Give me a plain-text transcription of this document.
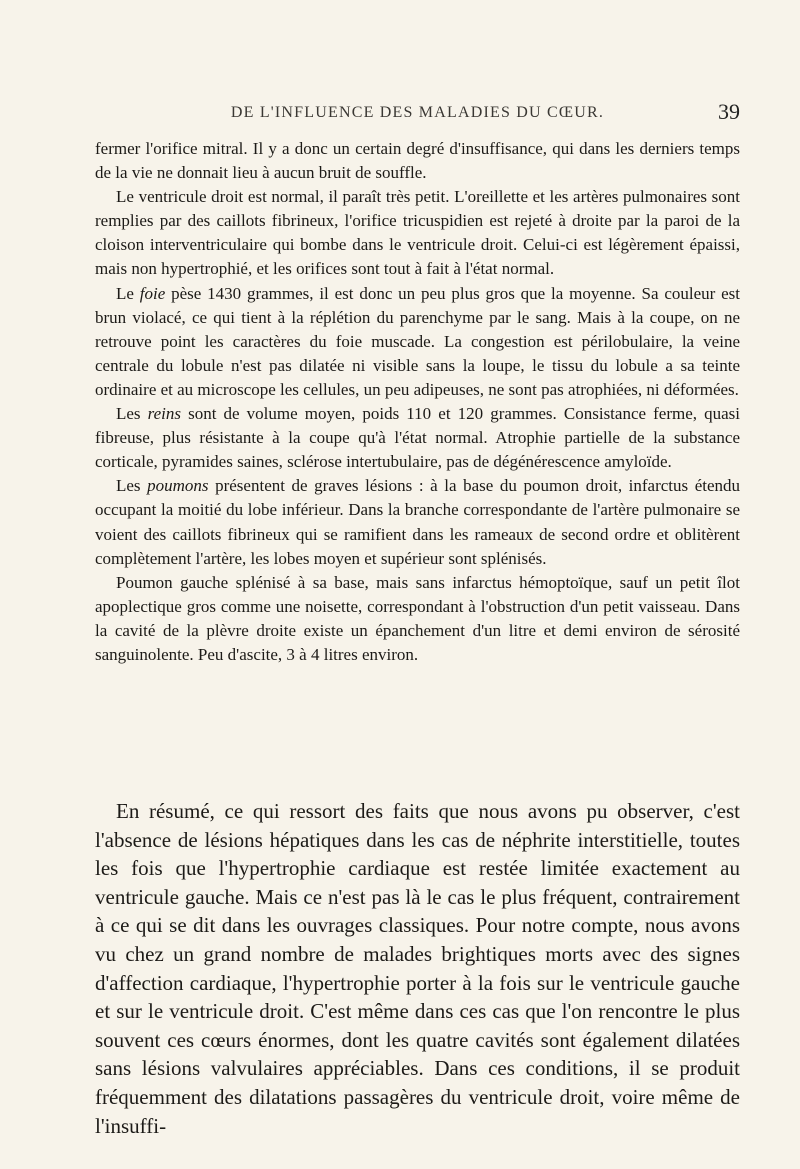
DE L'INFLUENCE DES MALADIES DU CŒUR.	39

fermer l'orifice mitral. Il y a donc un certain degré d'insuffisance, qui dans les derniers temps de la vie ne donnait lieu à aucun bruit de souffle.

Le ventricule droit est normal, il paraît très petit. L'oreillette et les artères pulmonaires sont remplies par des caillots fibrineux, l'orifice tricuspidien est rejeté à droite par la paroi de la cloison interventriculaire qui bombe dans le ventricule droit. Celui-ci est légèrement épaissi, mais non hypertrophié, et les orifices sont tout à fait à l'état normal.

Le foie pèse 1430 grammes, il est donc un peu plus gros que la moyenne. Sa couleur est brun violacé, ce qui tient à la réplétion du parenchyme par le sang. Mais à la coupe, on ne retrouve point les caractères du foie muscade. La congestion est périlobulaire, la veine centrale du lobule n'est pas dilatée ni visible sans la loupe, le tissu du lobule a sa teinte ordinaire et au microscope les cellules, un peu adipeuses, ne sont pas atrophiées, ni déformées.

Les reins sont de volume moyen, poids 110 et 120 grammes. Consistance ferme, quasi fibreuse, plus résistante à la coupe qu'à l'état normal. Atrophie partielle de la substance corticale, pyramides saines, sclérose intertubulaire, pas de dégénérescence amyloïde.

Les poumons présentent de graves lésions : à la base du poumon droit, infarctus étendu occupant la moitié du lobe inférieur. Dans la branche correspondante de l'artère pulmonaire se voient des caillots fibrineux qui se ramifient dans les rameaux de second ordre et oblitèrent complètement l'artère, les lobes moyen et supérieur sont splénisés.

Poumon gauche splénisé à sa base, mais sans infarctus hémoptoïque, sauf un petit îlot apoplectique gros comme une noisette, correspondant à l'obstruction d'un petit vaisseau. Dans la cavité de la plèvre droite existe un épanchement d'un litre et demi environ de sérosité sanguinolente. Peu d'ascite, 3 à 4 litres environ.

En résumé, ce qui ressort des faits que nous avons pu observer, c'est l'absence de lésions hépatiques dans les cas de néphrite interstitielle, toutes les fois que l'hypertrophie cardiaque est restée limitée exactement au ventricule gauche. Mais ce n'est pas là le cas le plus fréquent, contrairement à ce qui se dit dans les ouvrages classiques. Pour notre compte, nous avons vu chez un grand nombre de malades brightiques morts avec des signes d'affection cardiaque, l'hypertrophie porter à la fois sur le ventricule gauche et sur le ventricule droit. C'est même dans ces cas que l'on rencontre le plus souvent ces cœurs énormes, dont les quatre cavités sont également dilatées sans lésions valvulaires appréciables. Dans ces conditions, il se produit fréquemment des dilatations passagères du ventricule droit, voire même de l'insuffi-
